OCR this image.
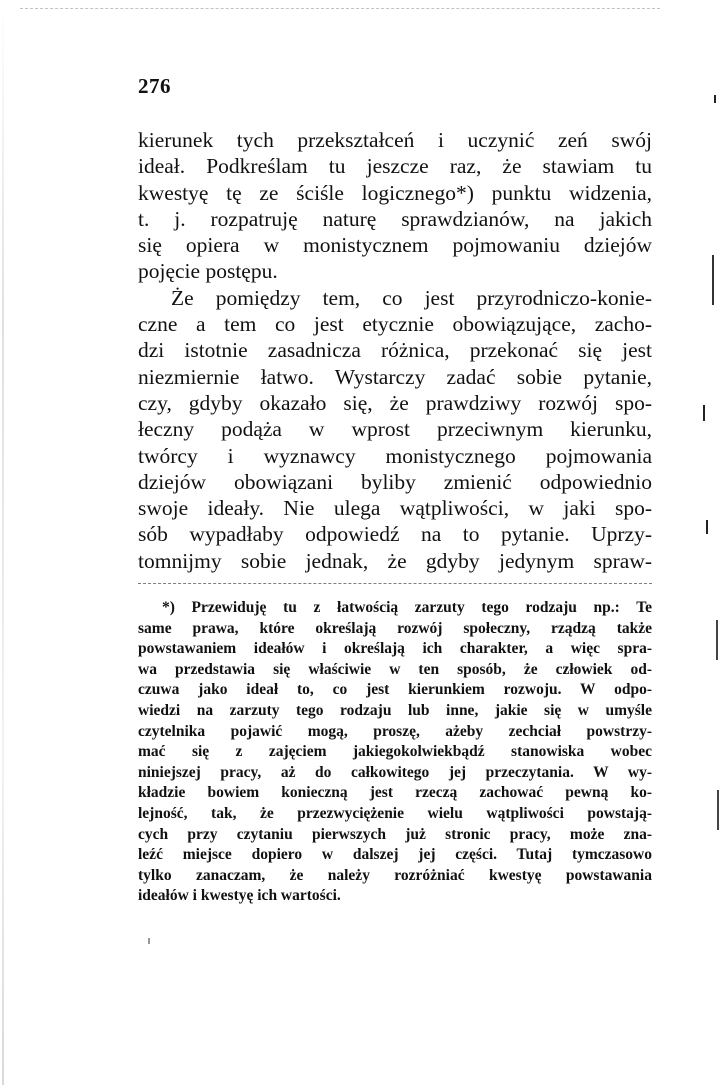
276
kierunek tych przekształceń i uczynić zeń swój
ideał. Podkreślam tu jeszcze raz, że stawiam tu
kwestyę tę ze ściśle logicznego*) punktu widzenia,
t. j. rozpatruję naturę sprawdzianów, na jakich
się opiera w monistycznem pojmowaniu dziejów
pojęcie postępu.
Że pomiędzy tem, co jest przyrodniczo-konie-
czne a tem co jest etycznie obowiązujące, zacho-
dzi istotnie zasadnicza różnica, przekonać się jest
niezmiernie łatwo. Wystarczy zadać sobie pytanie,
czy, gdyby okazało się, że prawdziwy rozwój spo-
łeczny podąża w wprost przeciwnym kierunku,
twórcy i wyznawcy monistycznego pojmowania
dziejów obowiązani byliby zmienić odpowiednio
swoje ideały. Nie ulega wątpliwości, w jaki spo-
sób wypadłaby odpowiedź na to pytanie. Uprzy-
tomnijmy sobie jednak, że gdyby jedynym spraw-
*) Przewiduję tu z łatwością zarzuty tego rodzaju np.: Te
same prawa, które określają rozwój społeczny, rządzą także
powstawaniem ideałów i określają ich charakter, a więc spra-
wa przedstawia się właściwie w ten sposób, że człowiek od-
czuwa jako ideał to, co jest kierunkiem rozwoju. W odpo-
wiedzi na zarzuty tego rodzaju lub inne, jakie się w umyśle
czytelnika pojawić mogą, proszę, ażeby zechciał powstrzy-
mać się z zajęciem jakiegokolwiekbądź stanowiska wobec
niniejszej pracy, aż do całkowitego jej przeczytania. W wy-
kładzie bowiem konieczną jest rzeczą zachować pewną ko-
lejność, tak, że przezwyciężenie wielu wątpliwości powstają-
cych przy czytaniu pierwszych już stronic pracy, może zna-
leźć miejsce dopiero w dalszej jej części. Tutaj tymczasowo
tylko zanaczam, że należy rozróżniać kwestyę powstawania
ideałów i kwestyę ich wartości.
